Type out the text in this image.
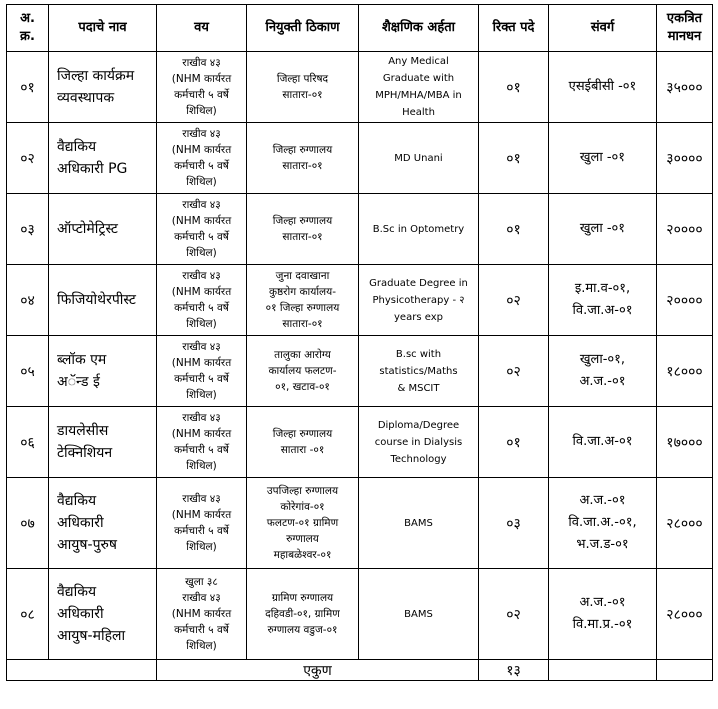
अ. क्र.	पदाचे नाव	वय	नियुक्ती ठिकाण	शैक्षणिक अर्हता	रिक्त पदे	संवर्ग	एकत्रित मानधन
०१	जिल्हा कार्यक्रम
व्यवस्थापक	राखीव ४३
(NHM कार्यरत
कर्मचारी ५ वर्षे
शिथिल)	जिल्हा परिषद
सातारा-०१	Any Medical
Graduate with
MPH/MHA/MBA in
Health	०१	एसईबीसी -०१	३५०००
०२	वैद्यकिय
अधिकारी PG	राखीव ४३
(NHM कार्यरत
कर्मचारी ५ वर्षे
शिथिल)	जिल्हा रुग्णालय
सातारा-०१	MD Unani	०१	खुला -०१	३००००
०३	ऑप्टोमेट्रिस्ट	राखीव ४३
(NHM कार्यरत
कर्मचारी ५ वर्षे
शिथिल)	जिल्हा रुग्णालय
सातारा-०१	B.Sc in Optometry	०१	खुला -०१	२००००
०४	फिजियोथेरपीस्ट	राखीव ४३
(NHM कार्यरत
कर्मचारी ५ वर्षे
शिथिल)	जुना दवाखाना
कुष्ठरोग कार्यालय-
०१ जिल्हा रुग्णालय
सातारा-०१	Graduate Degree in
Physicotherapy - २
years exp	०२	इ.मा.व-०१,
वि.जा.अ-०१	२००००
०५	ब्लॉक एम
अॅन्ड ई	राखीव ४३
(NHM कार्यरत
कर्मचारी ५ वर्षे
शिथिल)	तालुका आरोग्य
कार्यालय फलटण-
०१, खटाव-०१	B.sc with
statistics/Maths
& MSCIT	०२	खुला-०१,
अ.ज.-०१	१८०००
०६	डायलेसीस
टेक्निशियन	राखीव ४३
(NHM कार्यरत
कर्मचारी ५ वर्षे
शिथिल)	जिल्हा रुग्णालय
सातारा -०१	Diploma/Degree
course in Dialysis
Technology	०१	वि.जा.अ-०१	१७०००
०७	वैद्यकिय
अधिकारी
आयुष-पुरुष	राखीव ४३
(NHM कार्यरत
कर्मचारी ५ वर्षे
शिथिल)	उपजिल्हा रुग्णालय
कोरेगांव-०१
फलटण-०१ ग्रामिण
रुग्णालय
महाबळेश्वर-०१	BAMS	०३	अ.ज.-०१
वि.जा.अ.-०१,
भ.ज.ड-०१	२८०००
०८	वैद्यकिय
अधिकारी
आयुष-महिला	खुला ३८
राखीव ४३
(NHM कार्यरत
कर्मचारी ५ वर्षे
शिथिल)	ग्रामिण रुग्णालय
दहिवडी-०१, ग्रामिण
रुग्णालय वडुज-०१	BAMS	०२	अ.ज.-०१
वि.मा.प्र.-०१	२८०००
		एकुण			१३		
